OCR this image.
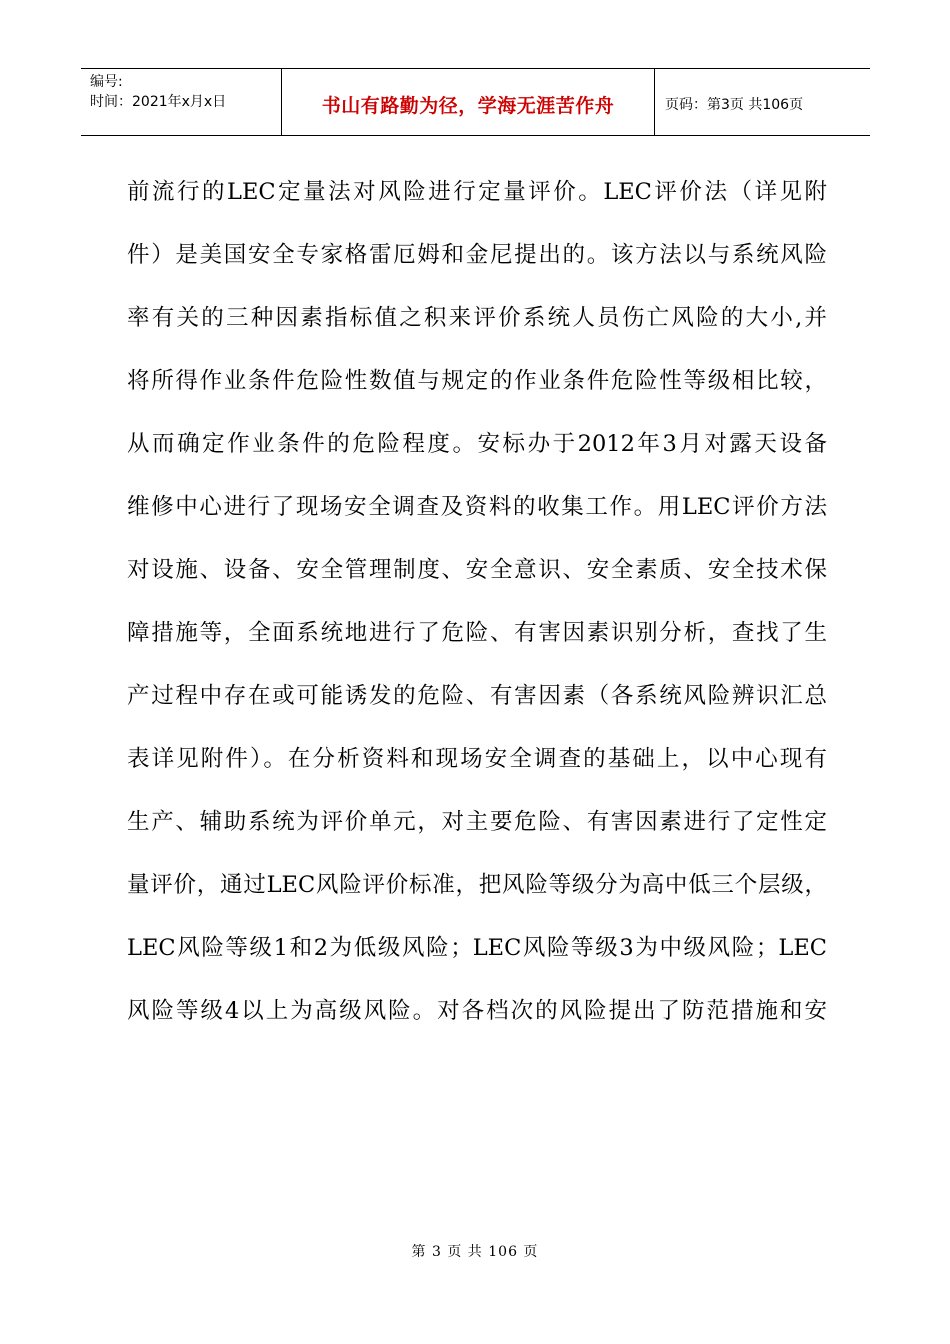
编号:
时间：2021年x月x日	书山有路勤为径，学海无涯苦作舟	页码：第3页 共106页
前流行的LEC定量法对风险进行定量评价。LEC评价法（详见附
件）是美国安全专家格雷厄姆和金尼提出的。该方法以与系统风险
率有关的三种因素指标值之积来评价系统人员伤亡风险的大小,并
将所得作业条件危险性数值与规定的作业条件危险性等级相比较，
从而确定作业条件的危险程度。安标办于2012年3月对露天设备
维修中心进行了现场安全调查及资料的收集工作。用LEC评价方法
对设施、设备、安全管理制度、安全意识、安全素质、安全技术保
障措施等，全面系统地进行了危险、有害因素识别分析，查找了生
产过程中存在或可能诱发的危险、有害因素（各系统风险辨识汇总
表详见附件）。在分析资料和现场安全调查的基础上，以中心现有
生产、辅助系统为评价单元，对主要危险、有害因素进行了定性定
量评价，通过LEC风险评价标准，把风险等级分为高中低三个层级，
LEC风险等级1和2为低级风险；LEC风险等级3为中级风险；LEC
风险等级4以上为高级风险。对各档次的风险提出了防范措施和安
第 3 页 共 106 页
